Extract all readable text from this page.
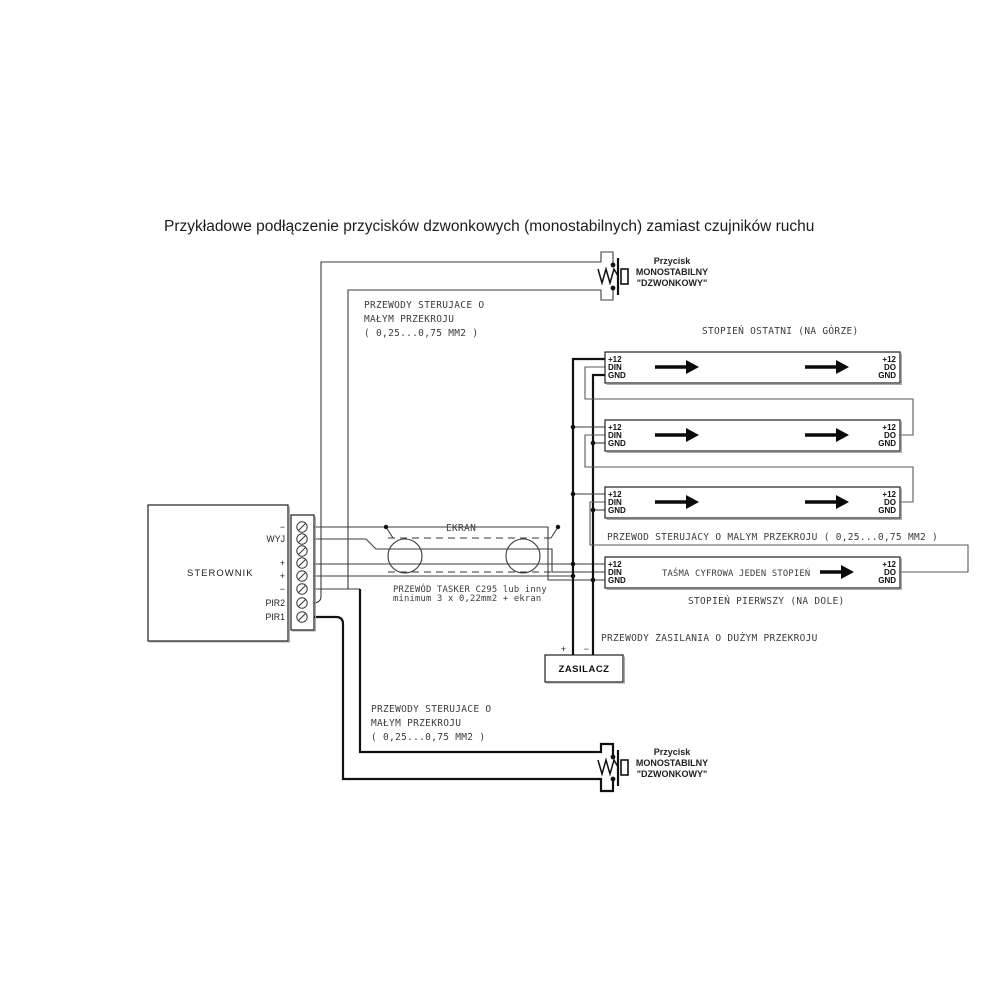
Przykładowe podłączenie przycisków dzwonkowych (monostabilnych) zamiast czujników ruchu
STEROWNIK
−
WYJ
+
+
−
PIR2
PIR1
+12
DIN
GND
+12
DO
GND
+12
DIN
GND
+12
DO
GND
+12
DIN
GND
+12
DO
GND
+12
DIN
GND
+12
DO
GND
TAŚMA CYFROWA JEDEN STOPIEŃ
STOPIEŃ OSTATNI (NA GÓRZE)
PRZEWOD STERUJACY O MALYM PRZEKROJU ( 0,25...0,75 MM2 )
STOPIEŃ PIERWSZY (NA DOLE)
PRZEWODY ZASILANIA O DUŻYM PRZEKROJU
EKRAN
PRZEWÓD TASKER C295 lub inny
minimum 3 x 0,22mm2 + ekran
PRZEWODY STERUJACE O
MAŁYM PRZEKROJU
( 0,25...0,75 MM2 )
PRZEWODY STERUJACE O
MAŁYM PRZEKROJU
( 0,25...0,75 MM2 )
Przycisk
MONOSTABILNY
"DZWONKOWY"
Przycisk
MONOSTABILNY
"DZWONKOWY"
ZASILACZ
+ −
